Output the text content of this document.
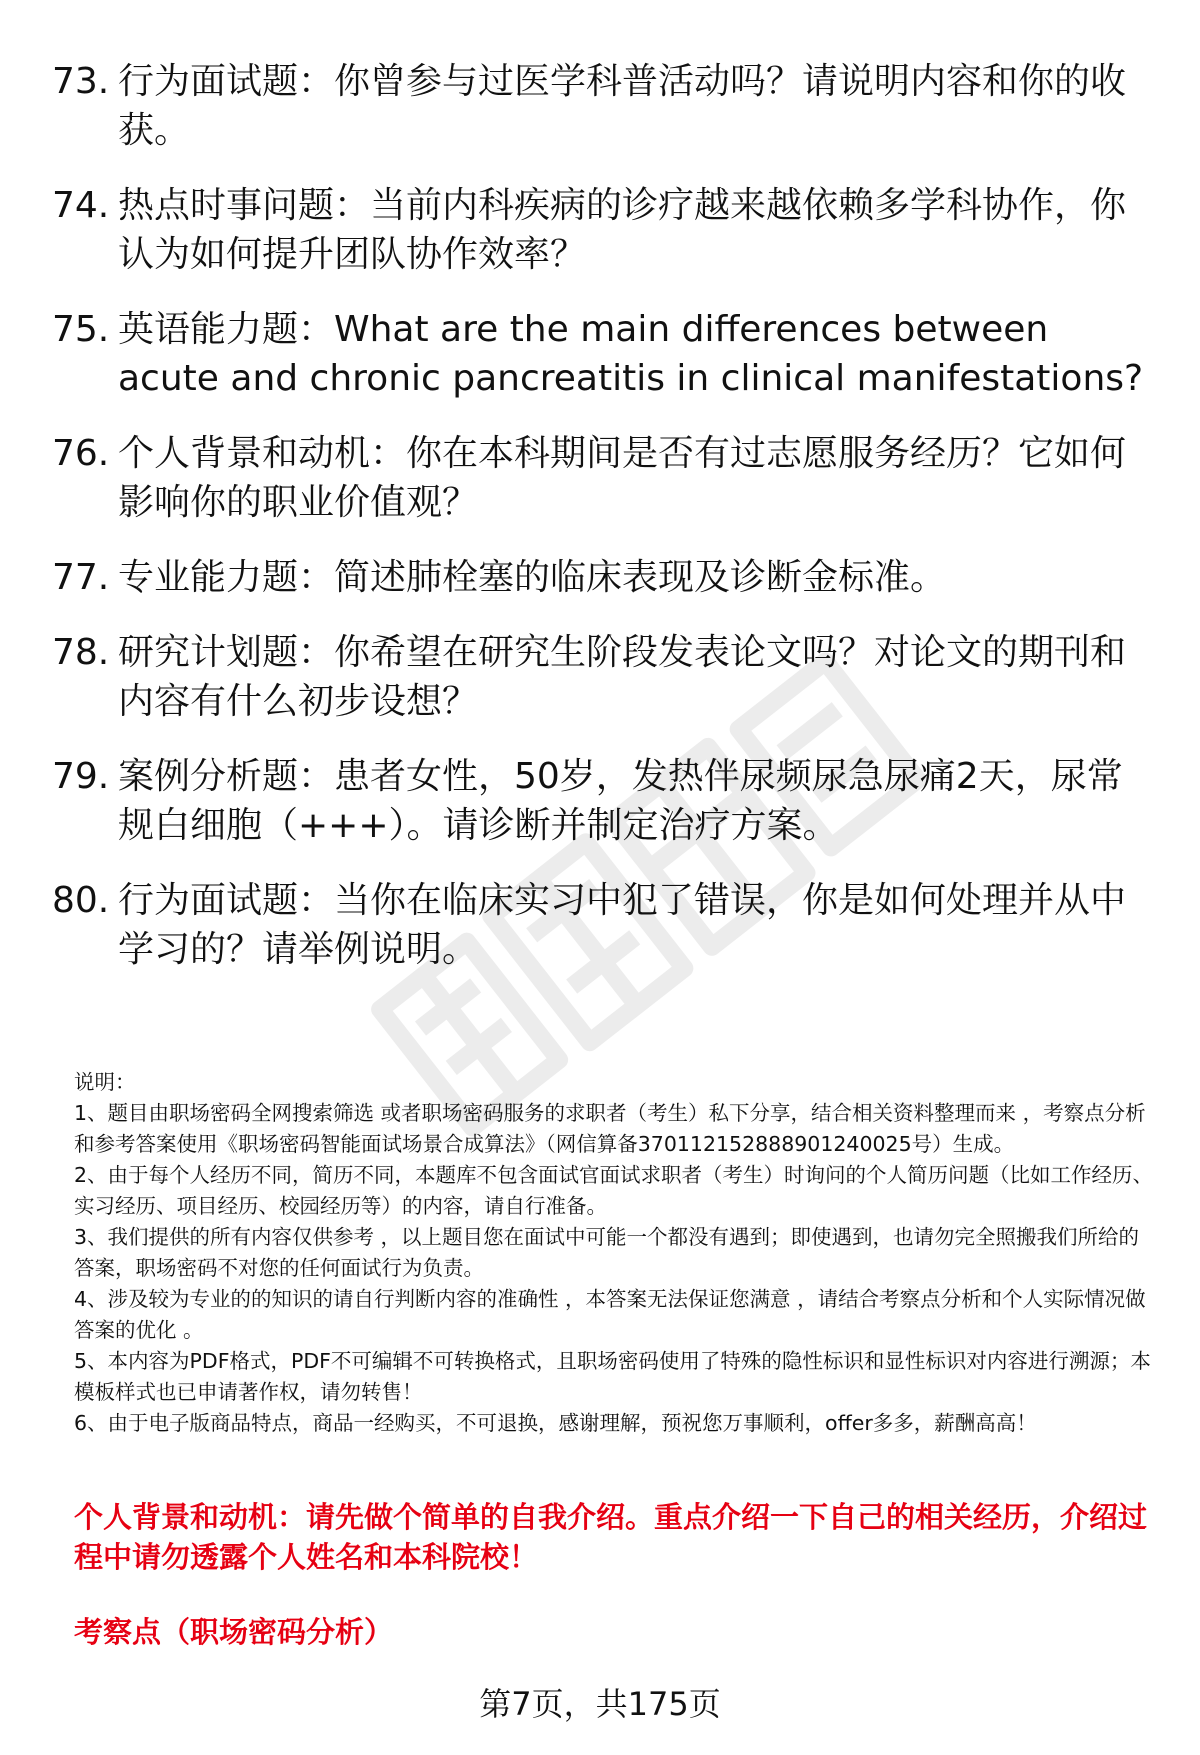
73. 行为面试题：你曾参与过医学科普活动吗？请说明内容和你的收获。
74. 热点时事问题：当前内科疾病的诊疗越来越依赖多学科协作，你认为如何提升团队协作效率？
75. 英语能力题：What are the main differences between acute and chronic pancreatitis in clinical manifestations?
76. 个人背景和动机：你在本科期间是否有过志愿服务经历？它如何影响你的职业价值观？
77. 专业能力题：简述肺栓塞的临床表现及诊断金标准。
78. 研究计划题：你希望在研究生阶段发表论文吗？对论文的期刊和内容有什么初步设想？
79. 案例分析题：患者女性，50岁，发热伴尿频尿急尿痛2天，尿常规白细胞（+++）。请诊断并制定治疗方案。
80. 行为面试题：当你在临床实习中犯了错误，你是如何处理并从中学习的？请举例说明。

说明：

1、题目由职场密码全网搜索筛选 或者职场密码服务的求职者（考生）私下分享，结合相关资料整理而来 ，考察点分析和参考答案使用《职场密码智能面试场景合成算法》（网信算备370112152888901240025号）生成。

2、由于每个人经历不同，简历不同，本题库不包含面试官面试求职者（考生）时询问的个人简历问题（比如工作经历、实习经历、项目经历、校园经历等）的内容，请自行准备。

3、我们提供的所有内容仅供参考 ，以上题目您在面试中可能一个都没有遇到；即使遇到，也请勿完全照搬我们所给的答案，职场密码不对您的任何面试行为负责。

4、涉及较为专业的的知识的请自行判断内容的准确性 ，本答案无法保证您满意 ，请结合考察点分析和个人实际情况做答案的优化 。

5、本内容为PDF格式，PDF不可编辑不可转换格式，且职场密码使用了特殊的隐性标识和显性标识对内容进行溯源；本模板样式也已申请著作权，请勿转售！

6、由于电子版商品特点，商品一经购买，不可退换，感谢理解，预祝您万事顺利，offer多多，薪酬高高！

个人背景和动机：请先做个简单的自我介绍。重点介绍一下自己的相关经历，介绍过程中请勿透露个人姓名和本科院校！

考察点（职场密码分析）

第7页，共175页
